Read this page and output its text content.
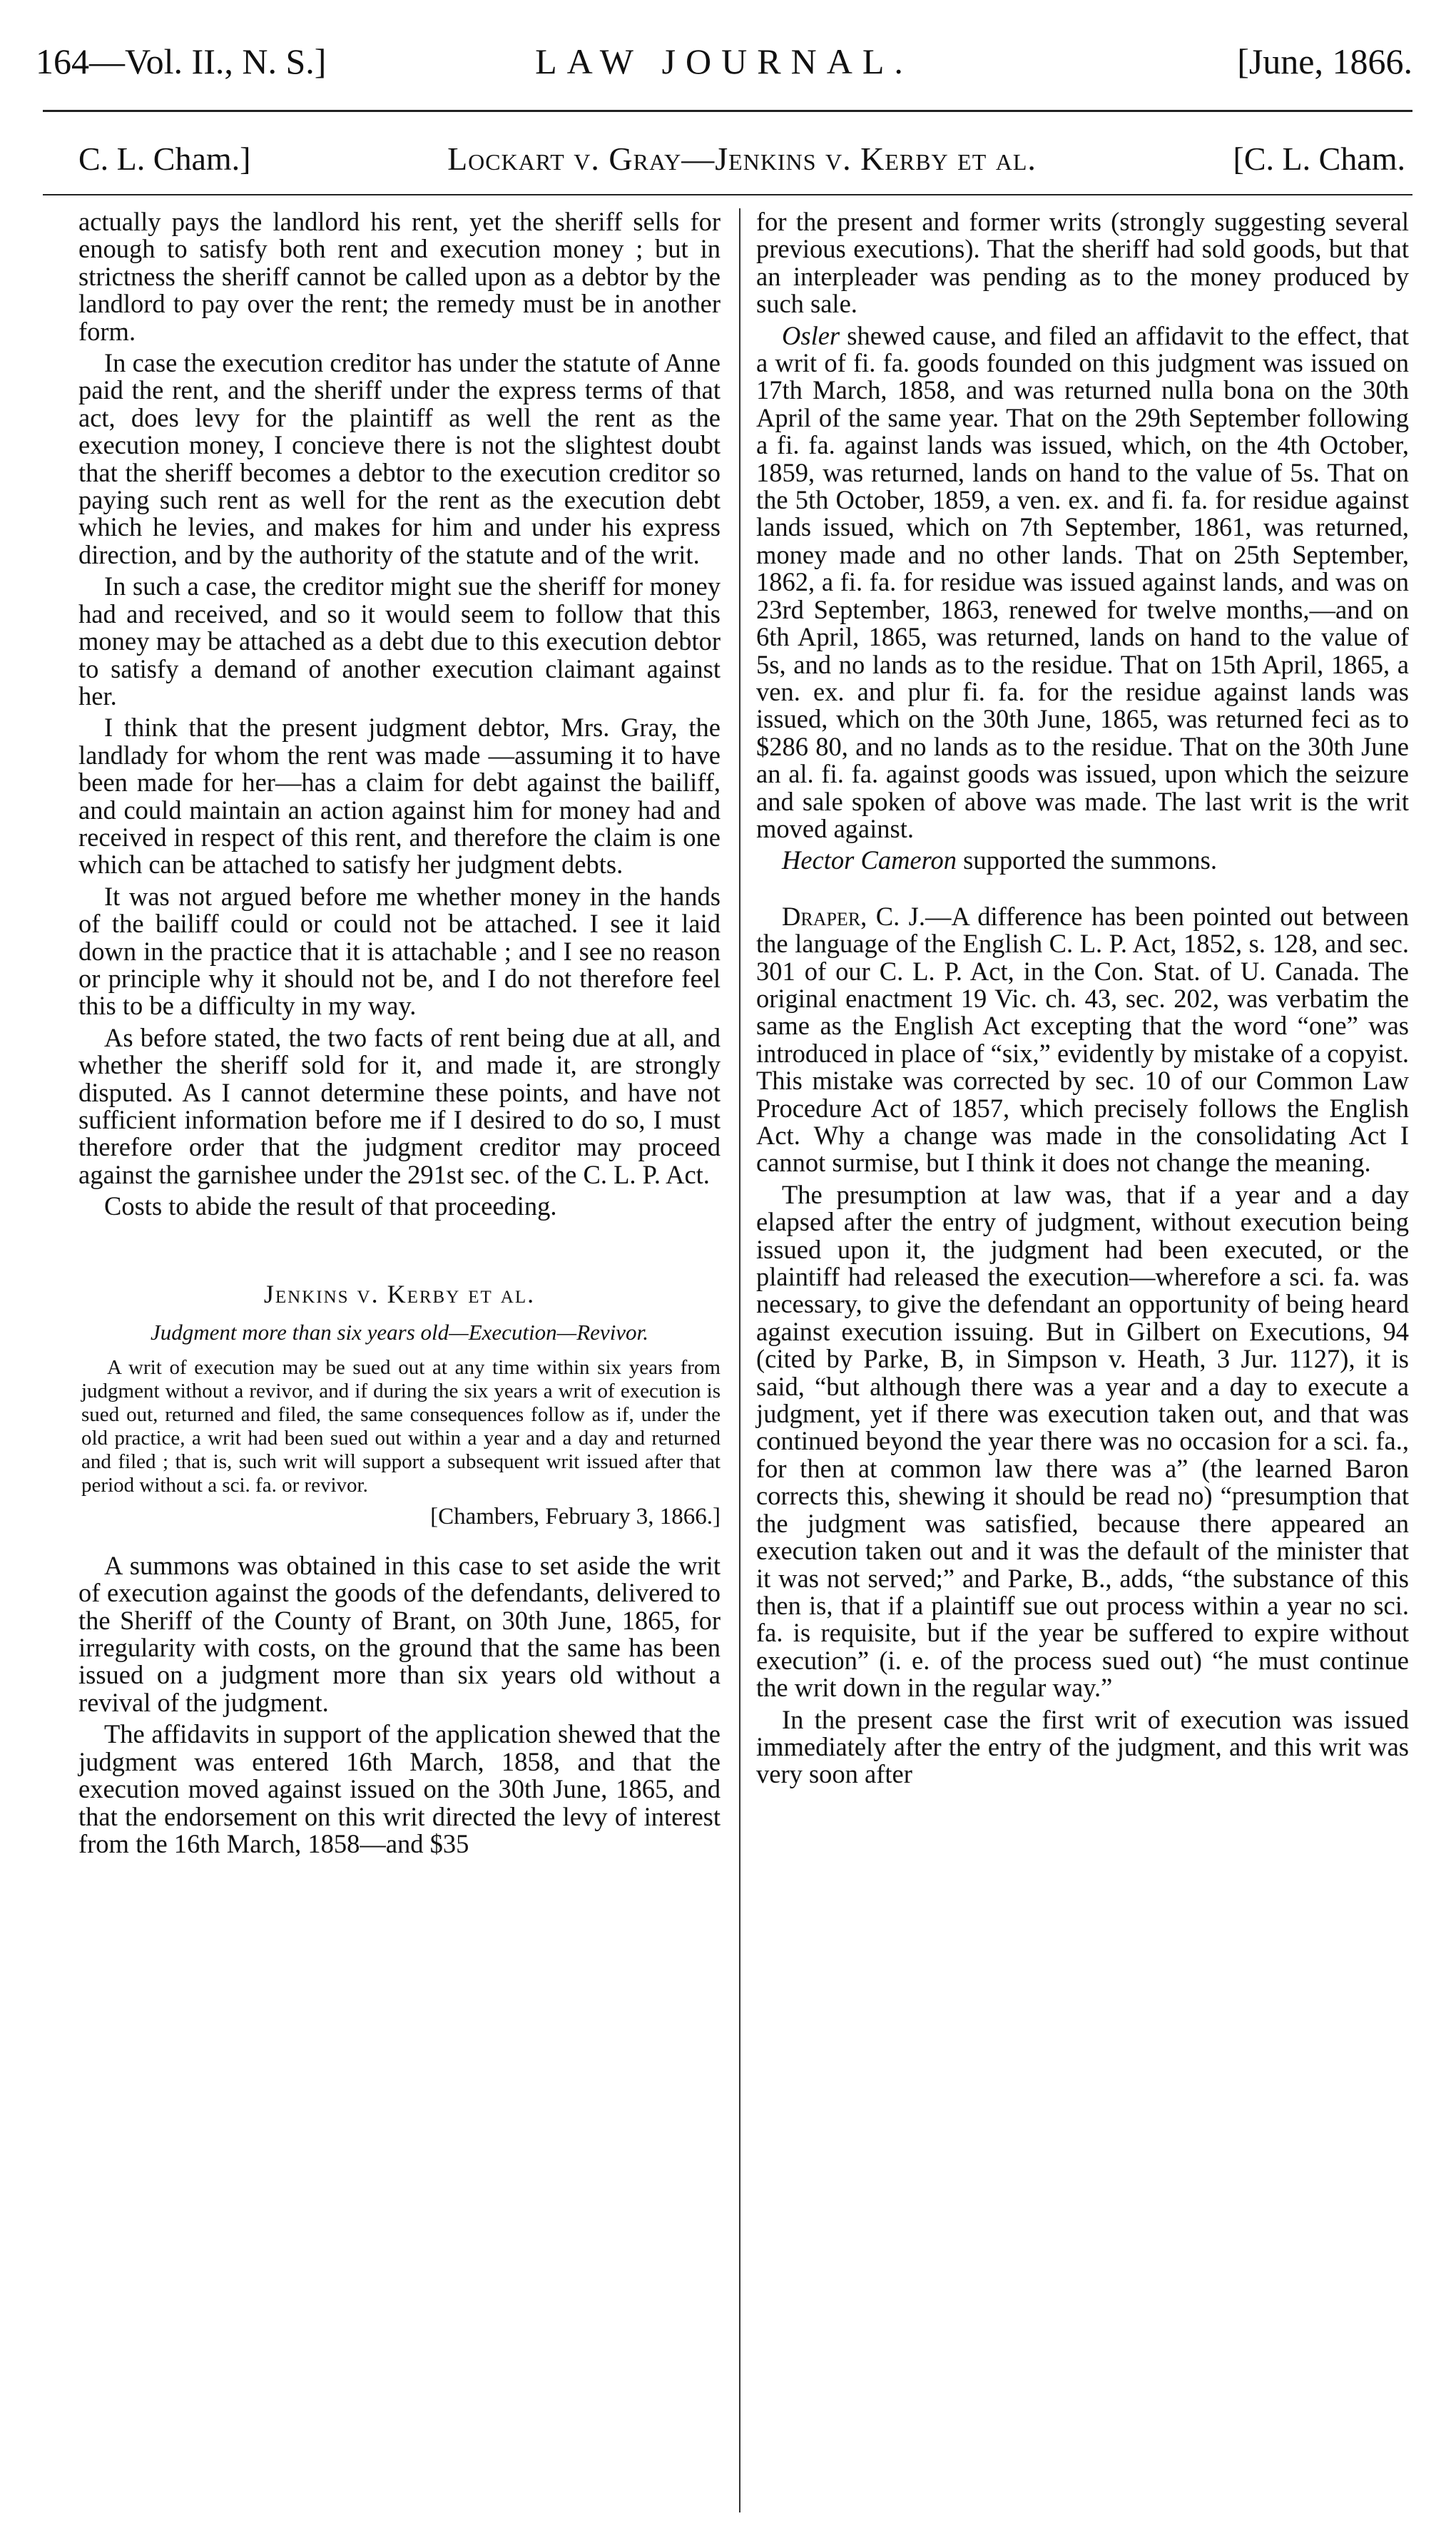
164—Vol. II., N. S.]	LAW JOURNAL.	[June, 1866.
C. L. Cham.]	Lockart v. Gray—Jenkins v. Kerby et al.	[C. L. Cham.

actually pays the landlord his rent, yet the sheriff sells for enough to satisfy both rent and execution money ; but in strictness the sheriff cannot be called upon as a debtor by the landlord to pay over the rent; the remedy must be in another form.

In case the execution creditor has under the statute of Anne paid the rent, and the sheriff under the express terms of that act, does levy for the plaintiff as well the rent as the execution money, I concieve there is not the slightest doubt that the sheriff becomes a debtor to the execution creditor so paying such rent as well for the rent as the execution debt which he levies, and makes for him and under his express direction, and by the authority of the statute and of the writ.

In such a case, the creditor might sue the sheriff for money had and received, and so it would seem to follow that this money may be attached as a debt due to this execution debtor to satisfy a demand of another execution claimant against her.

I think that the present judgment debtor, Mrs. Gray, the landlady for whom the rent was made —assuming it to have been made for her—has a claim for debt against the bailiff, and could maintain an action against him for money had and received in respect of this rent, and therefore the claim is one which can be attached to satisfy her judgment debts.

It was not argued before me whether money in the hands of the bailiff could or could not be attached. I see it laid down in the practice that it is attachable ; and I see no reason or principle why it should not be, and I do not therefore feel this to be a difficulty in my way.

As before stated, the two facts of rent being due at all, and whether the sheriff sold for it, and made it, are strongly disputed. As I cannot determine these points, and have not sufficient information before me if I desired to do so, I must therefore order that the judgment creditor may proceed against the garnishee under the 291st sec. of the C. L. P. Act.

Costs to abide the result of that proceeding.

Jenkins v. Kerby et al.
Judgment more than six years old—Execution—Revivor.

A writ of execution may be sued out at any time within six years from judgment without a revivor, and if during the six years a writ of execution is sued out, returned and filed, the same consequences follow as if, under the old practice, a writ had been sued out within a year and a day and returned and filed ; that is, such writ will support a subsequent writ issued after that period without a sci. fa. or revivor.

[Chambers, February 3, 1866.]

A summons was obtained in this case to set aside the writ of execution against the goods of the defendants, delivered to the Sheriff of the County of Brant, on 30th June, 1865, for irregularity with costs, on the ground that the same has been issued on a judgment more than six years old without a revival of the judgment.

The affidavits in support of the application shewed that the judgment was entered 16th March, 1858, and that the execution moved against issued on the 30th June, 1865, and that the endorsement on this writ directed the levy of interest from the 16th March, 1858—and $35

for the present and former writs (strongly suggesting several previous executions). That the sheriff had sold goods, but that an interpleader was pending as to the money produced by such sale.

Osler shewed cause, and filed an affidavit to the effect, that a writ of fi. fa. goods founded on this judgment was issued on 17th March, 1858, and was returned nulla bona on the 30th April of the same year. That on the 29th September following a fi. fa. against lands was issued, which, on the 4th October, 1859, was returned, lands on hand to the value of 5s. That on the 5th October, 1859, a ven. ex. and fi. fa. for residue against lands issued, which on 7th September, 1861, was returned, money made and no other lands. That on 25th September, 1862, a fi. fa. for residue was issued against lands, and was on 23rd September, 1863, renewed for twelve months,—and on 6th April, 1865, was returned, lands on hand to the value of 5s, and no lands as to the residue. That on 15th April, 1865, a ven. ex. and plur fi. fa. for the residue against lands was issued, which on the 30th June, 1865, was returned feci as to $286 80, and no lands as to the residue. That on the 30th June an al. fi. fa. against goods was issued, upon which the seizure and sale spoken of above was made. The last writ is the writ moved against.

Hector Cameron supported the summons.

Draper, C. J.—A difference has been pointed out between the language of the English C. L. P. Act, 1852, s. 128, and sec. 301 of our C. L. P. Act, in the Con. Stat. of U. Canada. The original enactment 19 Vic. ch. 43, sec. 202, was verbatim the same as the English Act excepting that the word “one” was introduced in place of “six,” evidently by mistake of a copyist. This mistake was corrected by sec. 10 of our Common Law Procedure Act of 1857, which precisely follows the English Act. Why a change was made in the consolidating Act I cannot surmise, but I think it does not change the meaning.

The presumption at law was, that if a year and a day elapsed after the entry of judgment, without execution being issued upon it, the judgment had been executed, or the plaintiff had released the execution—wherefore a sci. fa. was necessary, to give the defendant an opportunity of being heard against execution issuing. But in Gilbert on Executions, 94 (cited by Parke, B, in Simpson v. Heath, 3 Jur. 1127), it is said, “but although there was a year and a day to execute a judgment, yet if there was execution taken out, and that was continued beyond the year there was no occasion for a sci. fa., for then at common law there was a” (the learned Baron corrects this, shewing it should be read no) “presumption that the judgment was satisfied, because there appeared an execution taken out and it was the default of the minister that it was not served;” and Parke, B., adds, “the substance of this then is, that if a plaintiff sue out process within a year no sci. fa. is requisite, but if the year be suffered to expire without execution” (i. e. of the process sued out) “he must continue the writ down in the regular way.”

In the present case the first writ of execution was issued immediately after the entry of the judgment, and this writ was very soon after
